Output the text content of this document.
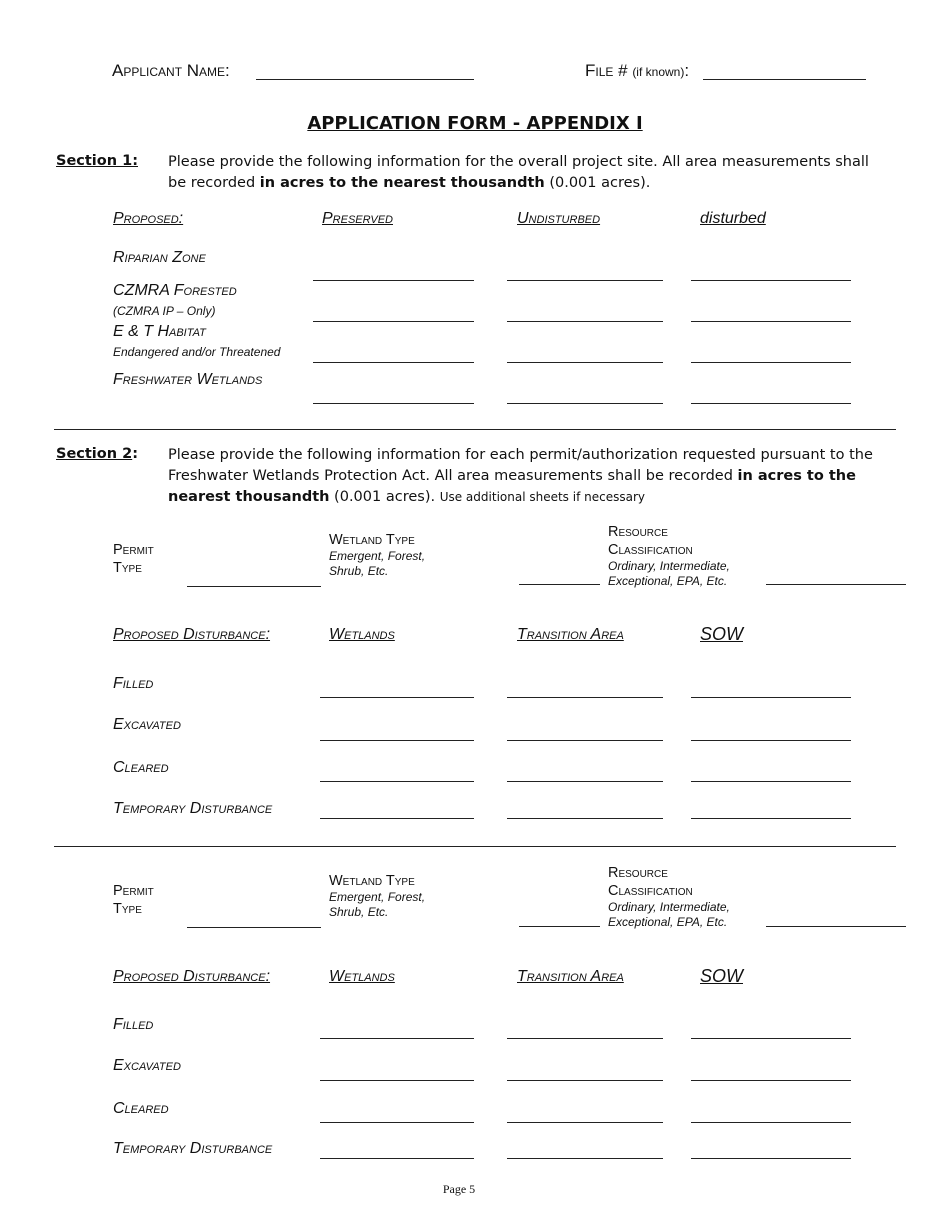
Applicant Name:	File # (if known):
APPLICATION FORM - APPENDIX I
Section 1: Please provide the following information for the overall project site. All area measurements shall be recorded in acres to the nearest thousandth (0.001 acres).
Proposed:	Preserved	Undisturbed	disturbed
Riparian Zone
CZMRA Forested
(CZMRA IP – Only)
E & T Habitat
Endangered and/or Threatened
Freshwater Wetlands
Section 2: Please provide the following information for each permit/authorization requested pursuant to the Freshwater Wetlands Protection Act. All area measurements shall be recorded in acres to the nearest thousandth (0.001 acres). Use additional sheets if necessary
Permit
Type
Wetland Type
Emergent, Forest,
Shrub, Etc.
Resource
Classification
Ordinary, Intermediate,
Exceptional, EPA, Etc.
Proposed Disturbance:	Wetlands	Transition Area	SOW
Filled
Excavated
Cleared
Temporary Disturbance
Permit
Type
Wetland Type
Emergent, Forest,
Shrub, Etc.
Resource
Classification
Ordinary, Intermediate,
Exceptional, EPA, Etc.
Proposed Disturbance:	Wetlands	Transition Area	SOW
Filled
Excavated
Cleared
Temporary Disturbance
Page 5
